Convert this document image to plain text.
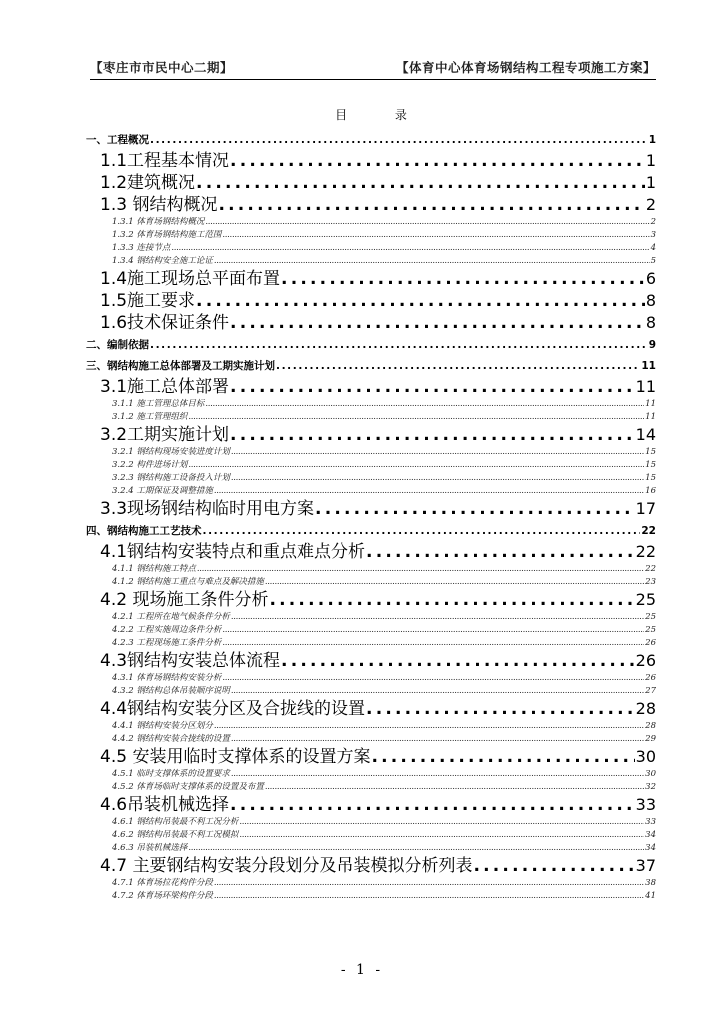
【枣庄市市民中心二期】	【体育中心体育场钢结构工程专项施工方案】
目 录
一、工程概况 .....	1
1.1工程基本情况 .....	1
1.2建筑概况 .....	1
1.3 钢结构概况 .....	2
1.3.1 体育场钢结构概况 .....	2
1.3.2 体育场钢结构施工范围 .....	3
1.3.3 连接节点 .....	4
1.3.4 钢结构安全施工论证 .....	5
1.4施工现场总平面布置 .....	6
1.5施工要求 .....	8
1.6技术保证条件 .....	8
二、编制依据 .....	9
三、钢结构施工总体部署及工期实施计划 .....	11
3.1施工总体部署 .....	11
3.1.1 施工管理总体目标 .....	11
3.1.2 施工管理组织 .....	11
3.2工期实施计划 .....	14
3.2.1 钢结构现场安装进度计划 .....	15
3.2.2 构件进场计划 .....	15
3.2.3 钢结构施工设备投入计划 .....	15
3.2.4 工期保证及调整措施 .....	16
3.3现场钢结构临时用电方案 .....	17
四、钢结构施工工艺技术 .....	22
4.1钢结构安装特点和重点难点分析 .....	22
4.1.1 钢结构施工特点 .....	22
4.1.2 钢结构施工重点与难点及解决措施 .....	23
4.2 现场施工条件分析 .....	25
4.2.1 工程所在地气候条件分析 .....	25
4.2.2 工程实施周边条件分析 .....	25
4.2.3 工程现场施工条件分析 .....	26
4.3钢结构安装总体流程 .....	26
4.3.1 体育场钢结构安装分析 .....	26
4.3.2 钢结构总体吊装顺序说明 .....	27
4.4钢结构安装分区及合拢线的设置 .....	28
4.4.1 钢结构安装分区划分 .....	28
4.4.2 钢结构安装合拢线的设置 .....	29
4.5 安装用临时支撑体系的设置方案 .....	30
4.5.1 临时支撑体系的设置要求 .....	30
4.5.2 体育场临时支撑体系的设置及布置 .....	32
4.6吊装机械选择 .....	33
4.6.1 钢结构吊装最不利工况分析 .....	33
4.6.2 钢结构吊装最不利工况模拟 .....	34
4.6.3 吊装机械选择 .....	34
4.7 主要钢结构安装分段划分及吊装模拟分析列表 .....	37
4.7.1 体育场拉花构件分段 .....	38
4.7.2 体育场环梁构件分段 .....	41
- 1 -
